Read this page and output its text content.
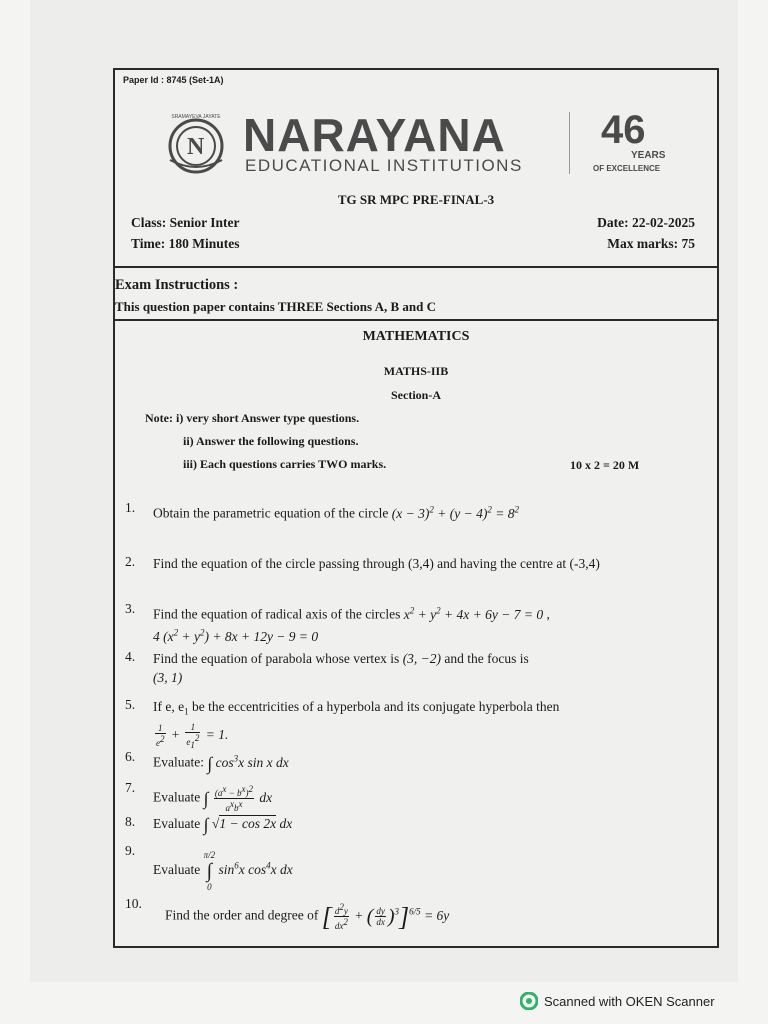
Paper Id : 8745 (Set-1A)
N
SRAMAYEVA JAYATE NARAYANA
EDUCATIONAL INSTITUTIONS
46
YEARS
OF EXCELLENCE
TG SR MPC PRE-FINAL-3
Class: Senior Inter
Time: 180 Minutes
Date: 22-02-2025
Max marks: 75
Exam Instructions :
This question paper contains THREE Sections A, B and C
MATHEMATICS
MATHS-IIB
Section-A
Note: i) very short Answer type questions.
ii) Answer the following questions.
iii) Each questions carries TWO marks.	10 x 2 = 20 M
1. Obtain the parametric equation of the circle $(x - 3)^2 + (y - 4)^2 = 8^2$
2. Find the equation of the circle passing through (3,4) and having the centre at (-3,4)
3. Find the equation of radical axis of the circles $x^2 + y^2 + 4x + 6y - 7 = 0$ ,
4 $(x^2 + y^2) + 8x + 12y - 9 = 0$
4. Find the equation of parabola whose vertex is (3, −2) and the focus is
(3, 1)
5. If e, $e_1$ be the eccentricities of a hyperbola and its conjugate hyperbola then

$\frac{1}{e^2} + \frac{1}{e_1^2} = 1$.
6. Evaluate: ∫ $\cos^3x$ sin x dx
7.
Evaluate ∫ $\frac{(a^x - b^x)^2}{a^xb^x}$ dx
8. Evaluate ∫ √1 − cos 2x dx
9.
Evaluate π/2
∫
0 $\sin^6x$ $\cos^4x$ dx
10.
Find the order and degree of [ $\frac{d^2y}{dx^2}$ + ( $\frac{dy}{dx} )^3]^{6/5} = 6y$
Scanned with OKEN Scanner
